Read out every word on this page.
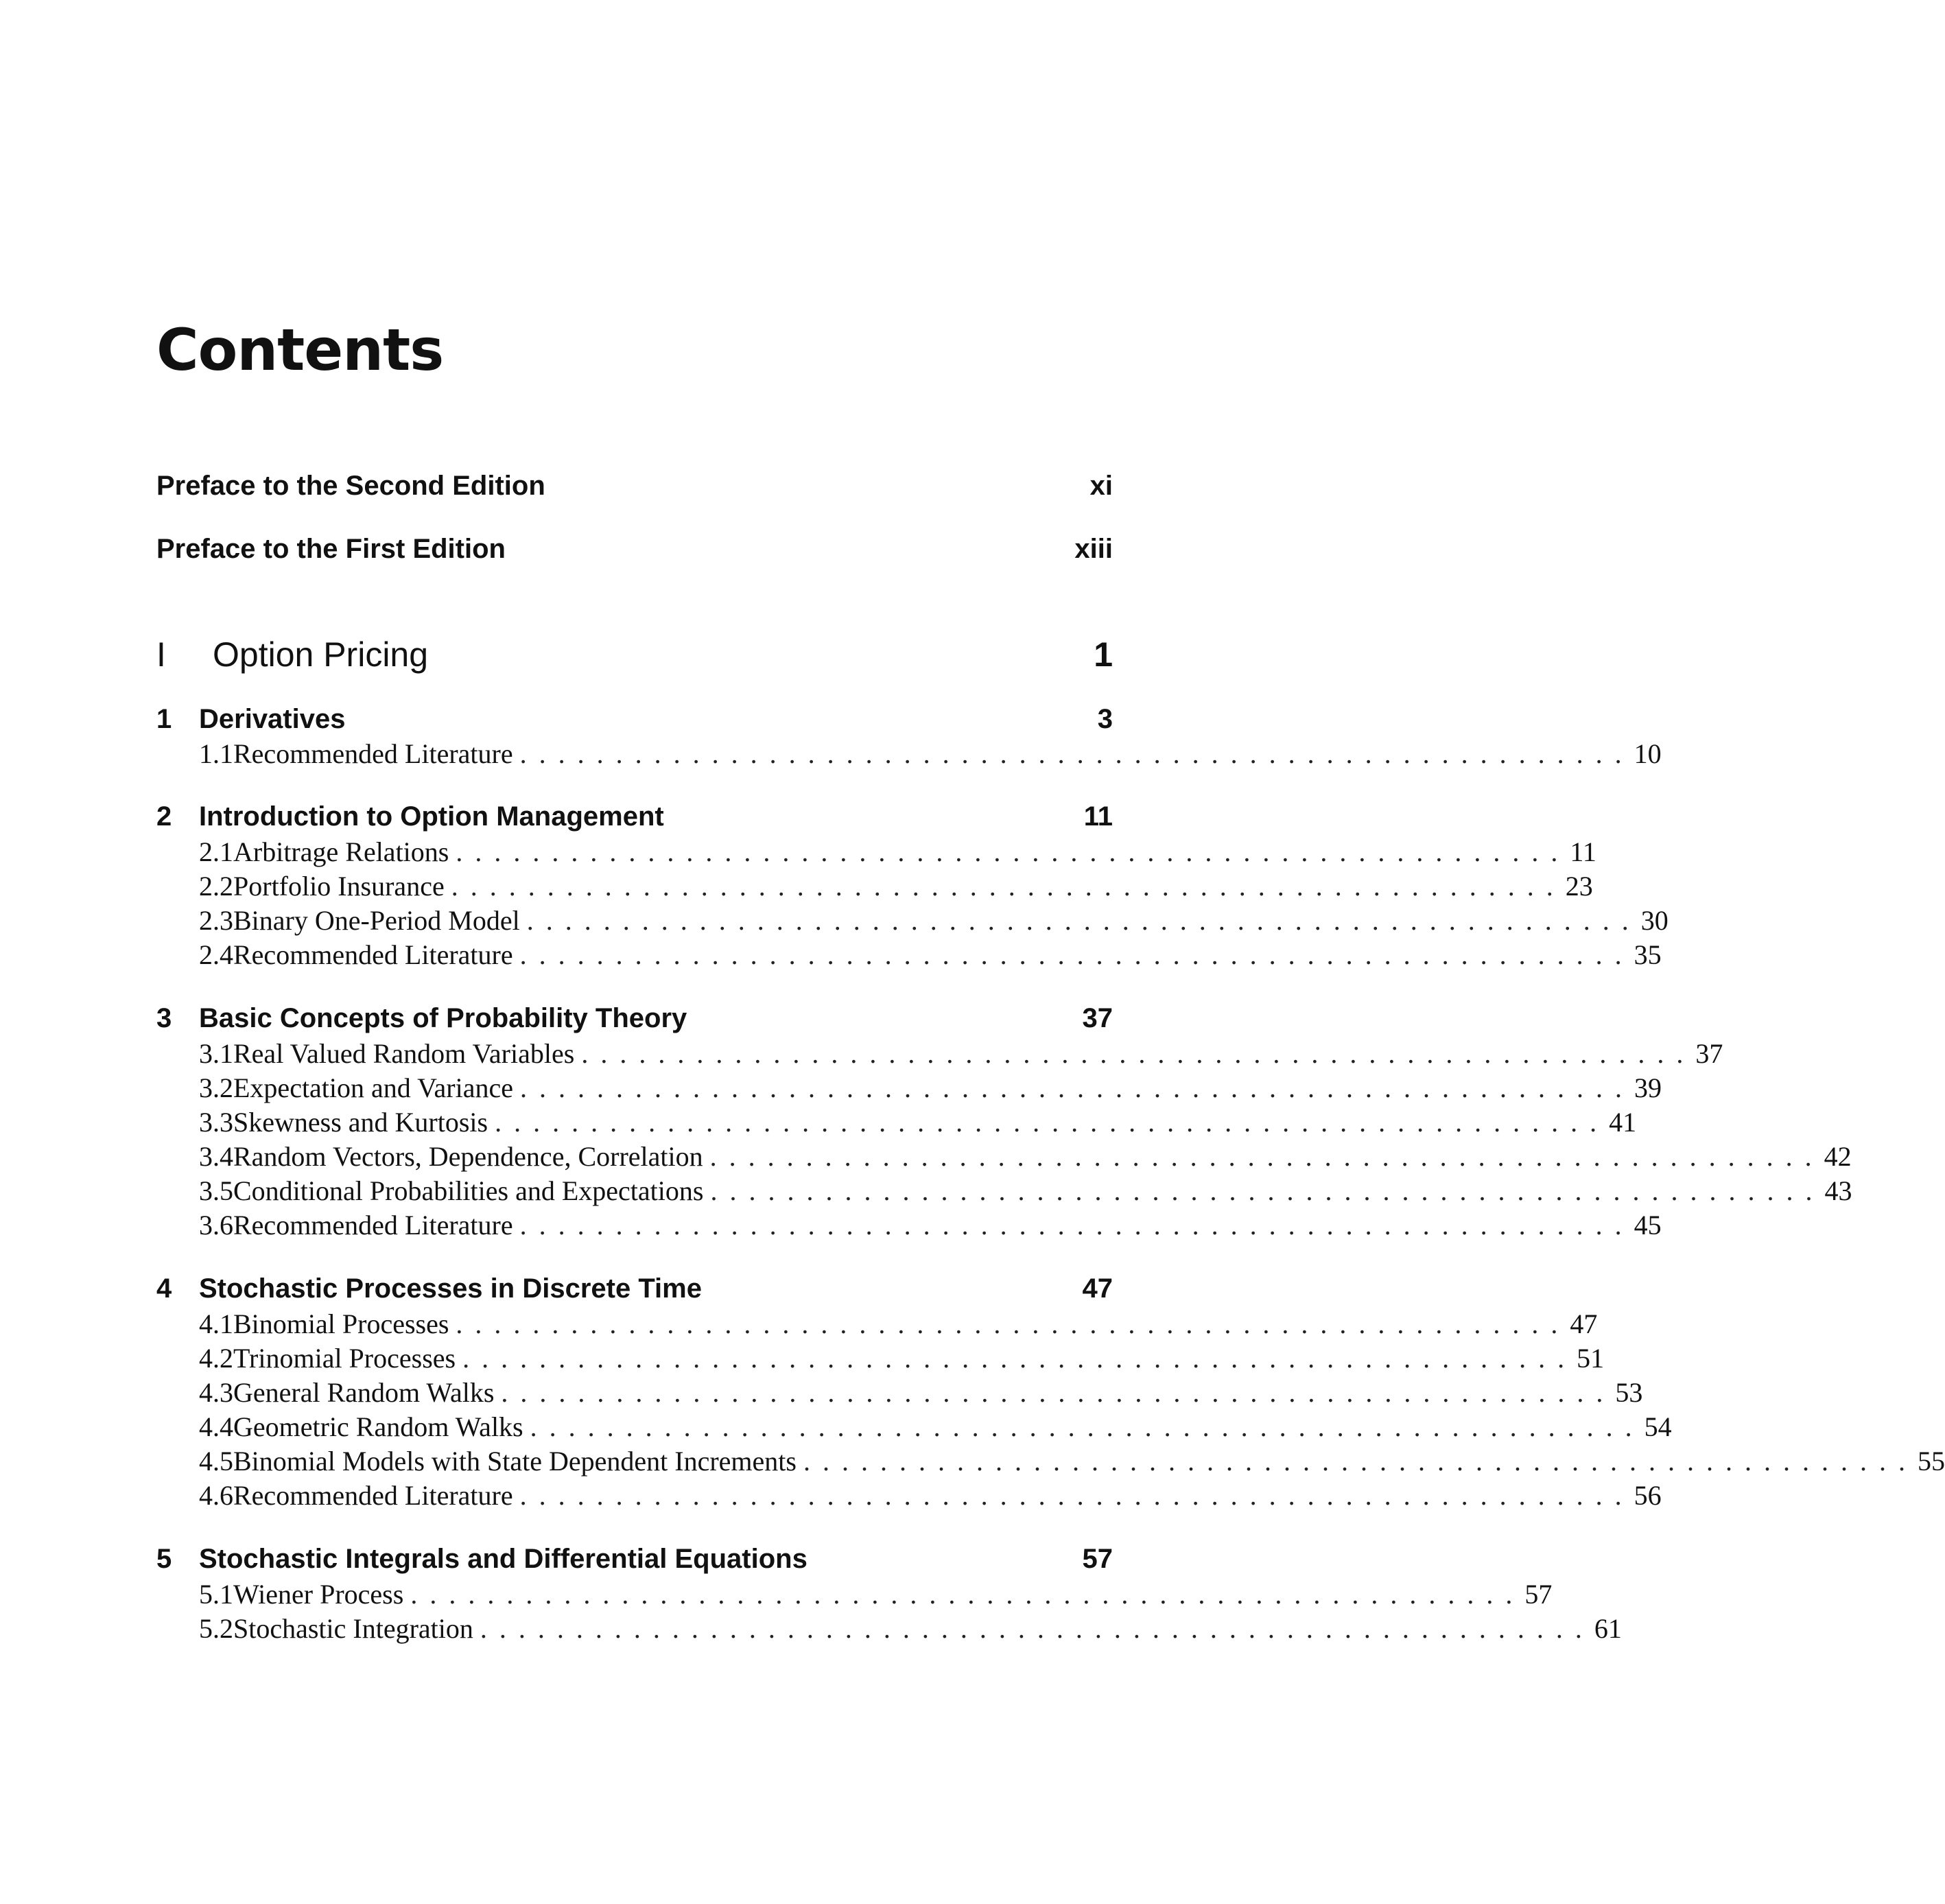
Contents
Preface to the Second Edition	xi
Preface to the First Edition	xiii
I	Option Pricing	1
1 Derivatives	3
1.1 Recommended Literature .......................................................... 10
2 Introduction to Option Management	11
2.1 Arbitrage Relations .......................................................... 11
2.2 Portfolio Insurance .......................................................... 23
2.3 Binary One-Period Model .......................................................... 30
2.4 Recommended Literature .......................................................... 35
3 Basic Concepts of Probability Theory	37
3.1 Real Valued Random Variables .......................................................... 37
3.2 Expectation and Variance .......................................................... 39
3.3 Skewness and Kurtosis .......................................................... 41
3.4 Random Vectors, Dependence, Correlation .......................................................... 42
3.5 Conditional Probabilities and Expectations .......................................................... 43
3.6 Recommended Literature .......................................................... 45
4 Stochastic Processes in Discrete Time	47
4.1 Binomial Processes .......................................................... 47
4.2 Trinomial Processes .......................................................... 51
4.3 General Random Walks .......................................................... 53
4.4 Geometric Random Walks .......................................................... 54
4.5 Binomial Models with State Dependent Increments .......................................................... 55
4.6 Recommended Literature .......................................................... 56
5 Stochastic Integrals and Differential Equations	57
5.1 Wiener Process .......................................................... 57
5.2 Stochastic Integration .......................................................... 61
